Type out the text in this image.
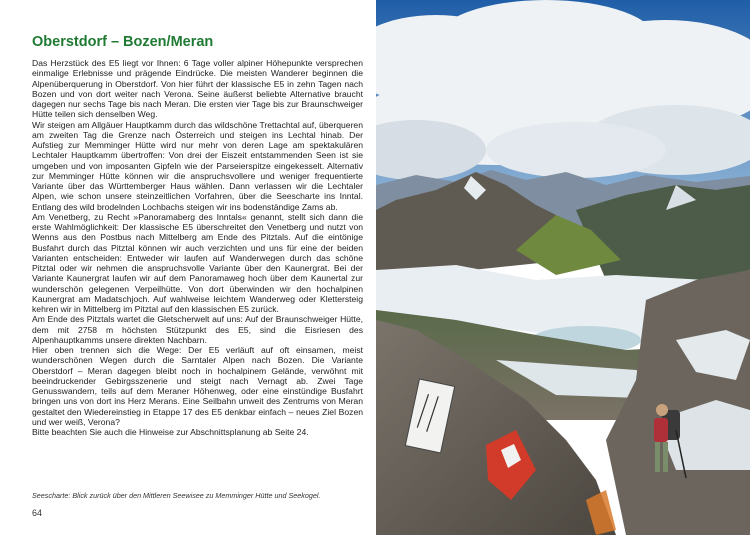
Oberstdorf – Bozen/Meran

Das Herzstück des E5 liegt vor Ihnen: 6 Tage voller alpiner Höhepunkte versprechen einmalige Erlebnisse und prägende Eindrücke. Die meisten Wanderer beginnen die Alpenüberquerung in Oberstdorf. Von hier führt der klassische E5 in zehn Tagen nach Bozen und von dort weiter nach Verona. Seine äußerst beliebte Alternative braucht dagegen nur sechs Tage bis nach Meran. Die ersten vier Tage bis zur Braunschweiger Hütte teilen sich denselben Weg.

Wir steigen am Allgäuer Hauptkamm durch das wildschöne Trettachtal auf, überqueren am zweiten Tag die Grenze nach Österreich und steigen ins Lechtal hinab. Der Aufstieg zur Memminger Hütte wird nur mehr von deren Lage am spektakulären Lechtaler Hauptkamm übertroffen: Von drei der Eiszeit entstammenden Seen ist sie umgeben und von imposanten Gipfeln wie der Parseierspitze eingekesselt. Alternativ zur Memminger Hütte können wir die anspruchsvollere und weniger frequentierte Variante über das Württemberger Haus wählen. Dann verlassen wir die Lechtaler Alpen, wie schon unsere steinzeitlichen Vorfahren, über die Seescharte ins Inntal. Entlang des wild brodelnden Lochbachs steigen wir ins bodenständige Zams ab.

Am Venetberg, zu Recht »Panoramaberg des Inntals« genannt, stellt sich dann die erste Wahlmöglichkeit: Der klassische E5 überschreitet den Venetberg und nutzt von Wenns aus den Postbus nach Mittelberg am Ende des Pitztals. Auf die eintönige Busfahrt durch das Pitztal können wir auch verzichten und uns für eine der beiden Varianten entscheiden: Entweder wir laufen auf Wanderwegen durch das schöne Pitztal oder wir nehmen die anspruchsvolle Variante über den Kaunergrat. Bei der Variante Kaunergrat laufen wir auf dem Panoramaweg hoch über dem Kaunertal zur wunderschön gelegenen Verpeilhütte. Von dort überwinden wir den hochalpinen Kaunergrat am Madatschjoch. Auf wahlweise leichtem Wanderweg oder Klettersteig kehren wir in Mittelberg im Pitztal auf den klassischen E5 zurück.

Am Ende des Pitztals wartet die Gletscherwelt auf uns: Auf der Braunschweiger Hütte, dem mit 2758 m höchsten Stützpunkt des E5, sind die Eisriesen des Alpenhauptkamms unsere direkten Nachbarn.

Hier oben trennen sich die Wege: Der E5 verläuft auf oft einsamen, meist wunderschönen Wegen durch die Sarntaler Alpen nach Bozen. Die Variante Oberstdorf – Meran dagegen bleibt noch in hochalpinem Gelände, verwöhnt mit beeindruckender Gebirgsszenerie und steigt nach Vernagt ab. Zwei Tage Genusswandern, teils auf dem Meraner Höhenweg, oder eine einstündige Busfahrt bringen uns von dort ins Herz Merans. Eine Seilbahn unweit des Zentrums von Meran gestaltet den Wiedereinstieg in Etappe 17 des E5 denkbar einfach – neues Ziel Bozen und wer weiß, Verona?

Bitte beachten Sie auch die Hinweise zur Abschnittsplanung ab Seite 24.

Seescharte: Blick zurück über den Mittleren Seewisee zu Memminger Hütte und Seekogel.
64
